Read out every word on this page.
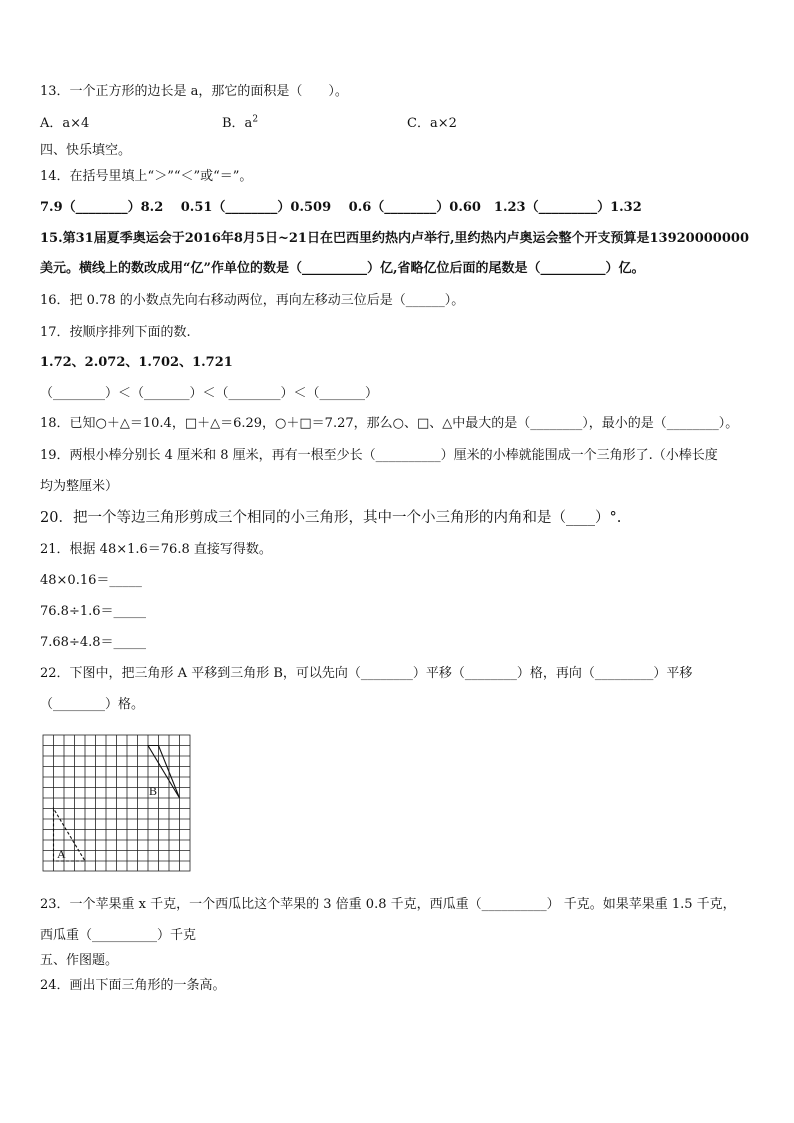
13．一个正方形的边长是 a，那它的面积是（　　）。
A．a×4	B．$a^2$	C．a×2
四、快乐填空。
14．在括号里填上“＞”“＜”或“＝”。
7.9（________）8.2　 0.51（________）0.509　 0.6（________）0.60　1.23（_________）1.32
15.第31届夏季奥运会于2016年8月5日~21日在巴西里约热内卢举行,里约热内卢奥运会整个开支预算是13920000000
美元。横线上的数改成用“亿”作单位的数是（__________）亿,省略亿位后面的尾数是（__________）亿。
16．把 0.78 的小数点先向右移动两位，再向左移动三位后是（______）。
17．按顺序排列下面的数.
1.72、2.072、1.702、1.721
（________）＜（_______）＜（________）＜（_______）
18．已知○＋△＝10.4，□＋△＝6.29，○＋□＝7.27，那么○、□、△中最大的是（________），最小的是（________）。
19．两根小棒分别长 4 厘米和 8 厘米，再有一根至少长（__________）厘米的小棒就能围成一个三角形了.（小棒长度
均为整厘米）
20．把一个等边三角形剪成三个相同的小三角形，其中一个小三角形的内角和是（____）°.
21．根据 48×1.6＝76.8 直接写得数。
48×0.16＝_____
76.8÷1.6＝_____
7.68÷4.8＝_____
22．下图中，把三角形 A 平移到三角形 B，可以先向（________）平移（________）格，再向（_________）平移
（________）格。
A
B
23．一个苹果重 x 千克，一个西瓜比这个苹果的 3 倍重 0.8 千克，西瓜重（__________） 千克。如果苹果重 1.5 千克，
西瓜重（__________）千克
五、作图题。
24．画出下面三角形的一条高。
